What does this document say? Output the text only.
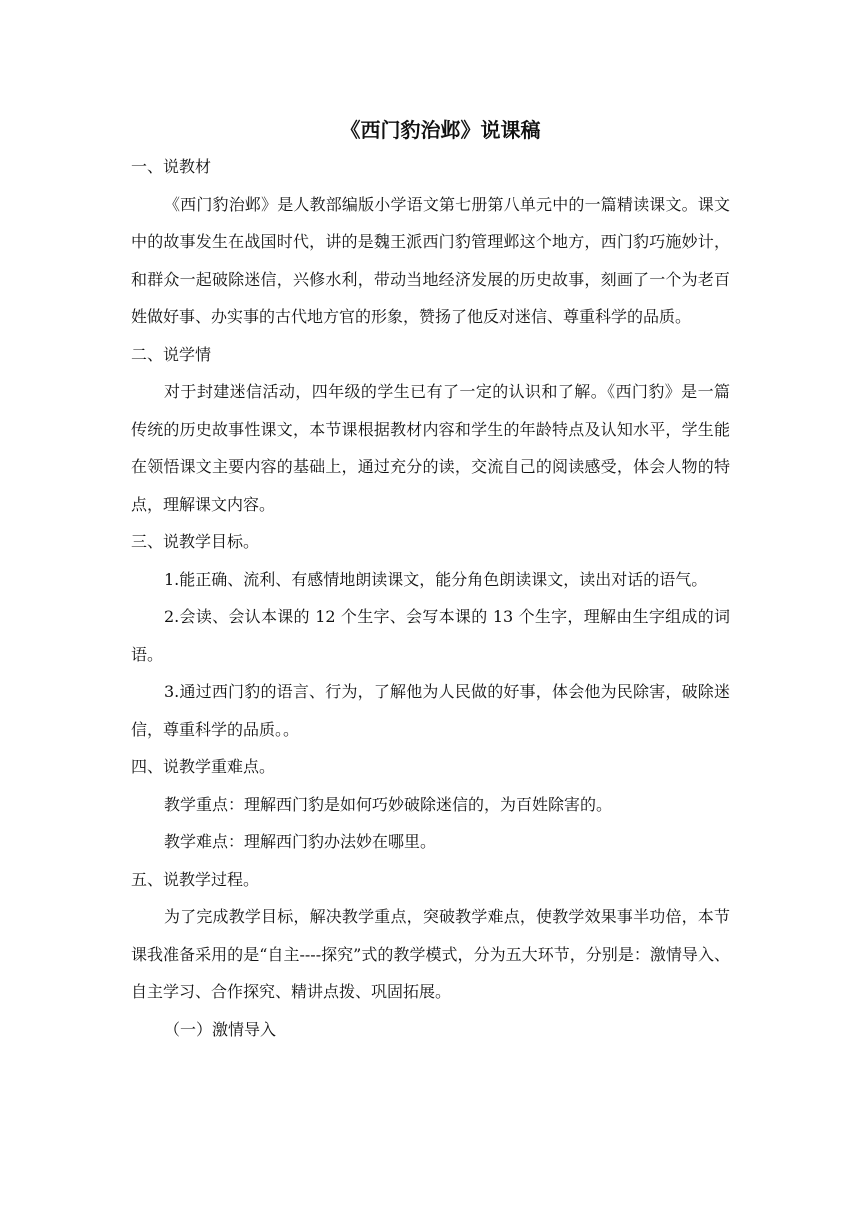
《西门豹治邺》说课稿

一、说教材

《西门豹治邺》是人教部编版小学语文第七册第八单元中的一篇精读课文。课文中的故事发生在战国时代，讲的是魏王派西门豹管理邺这个地方，西门豹巧施妙计，和群众一起破除迷信，兴修水利，带动当地经济发展的历史故事，刻画了一个为老百姓做好事、办实事的古代地方官的形象，赞扬了他反对迷信、尊重科学的品质。

二、说学情

对于封建迷信活动，四年级的学生已有了一定的认识和了解。《西门豹》是一篇传统的历史故事性课文，本节课根据教材内容和学生的年龄特点及认知水平，学生能在领悟课文主要内容的基础上，通过充分的读，交流自己的阅读感受，体会人物的特点，理解课文内容。

三、说教学目标。

1.能正确、流利、有感情地朗读课文，能分角色朗读课文，读出对话的语气。

2.会读、会认本课的 12 个生字、会写本课的 13 个生字，理解由生字组成的词语。

3.通过西门豹的语言、行为，了解他为人民做的好事，体会他为民除害，破除迷信，尊重科学的品质。。

四、说教学重难点。

教学重点：理解西门豹是如何巧妙破除迷信的，为百姓除害的。

教学难点：理解西门豹办法妙在哪里。

五、说教学过程。

为了完成教学目标，解决教学重点，突破教学难点，使教学效果事半功倍，本节课我准备采用的是“自主----探究”式的教学模式，分为五大环节，分别是：激情导入、自主学习、合作探究、精讲点拨、巩固拓展。

（一）激情导入
